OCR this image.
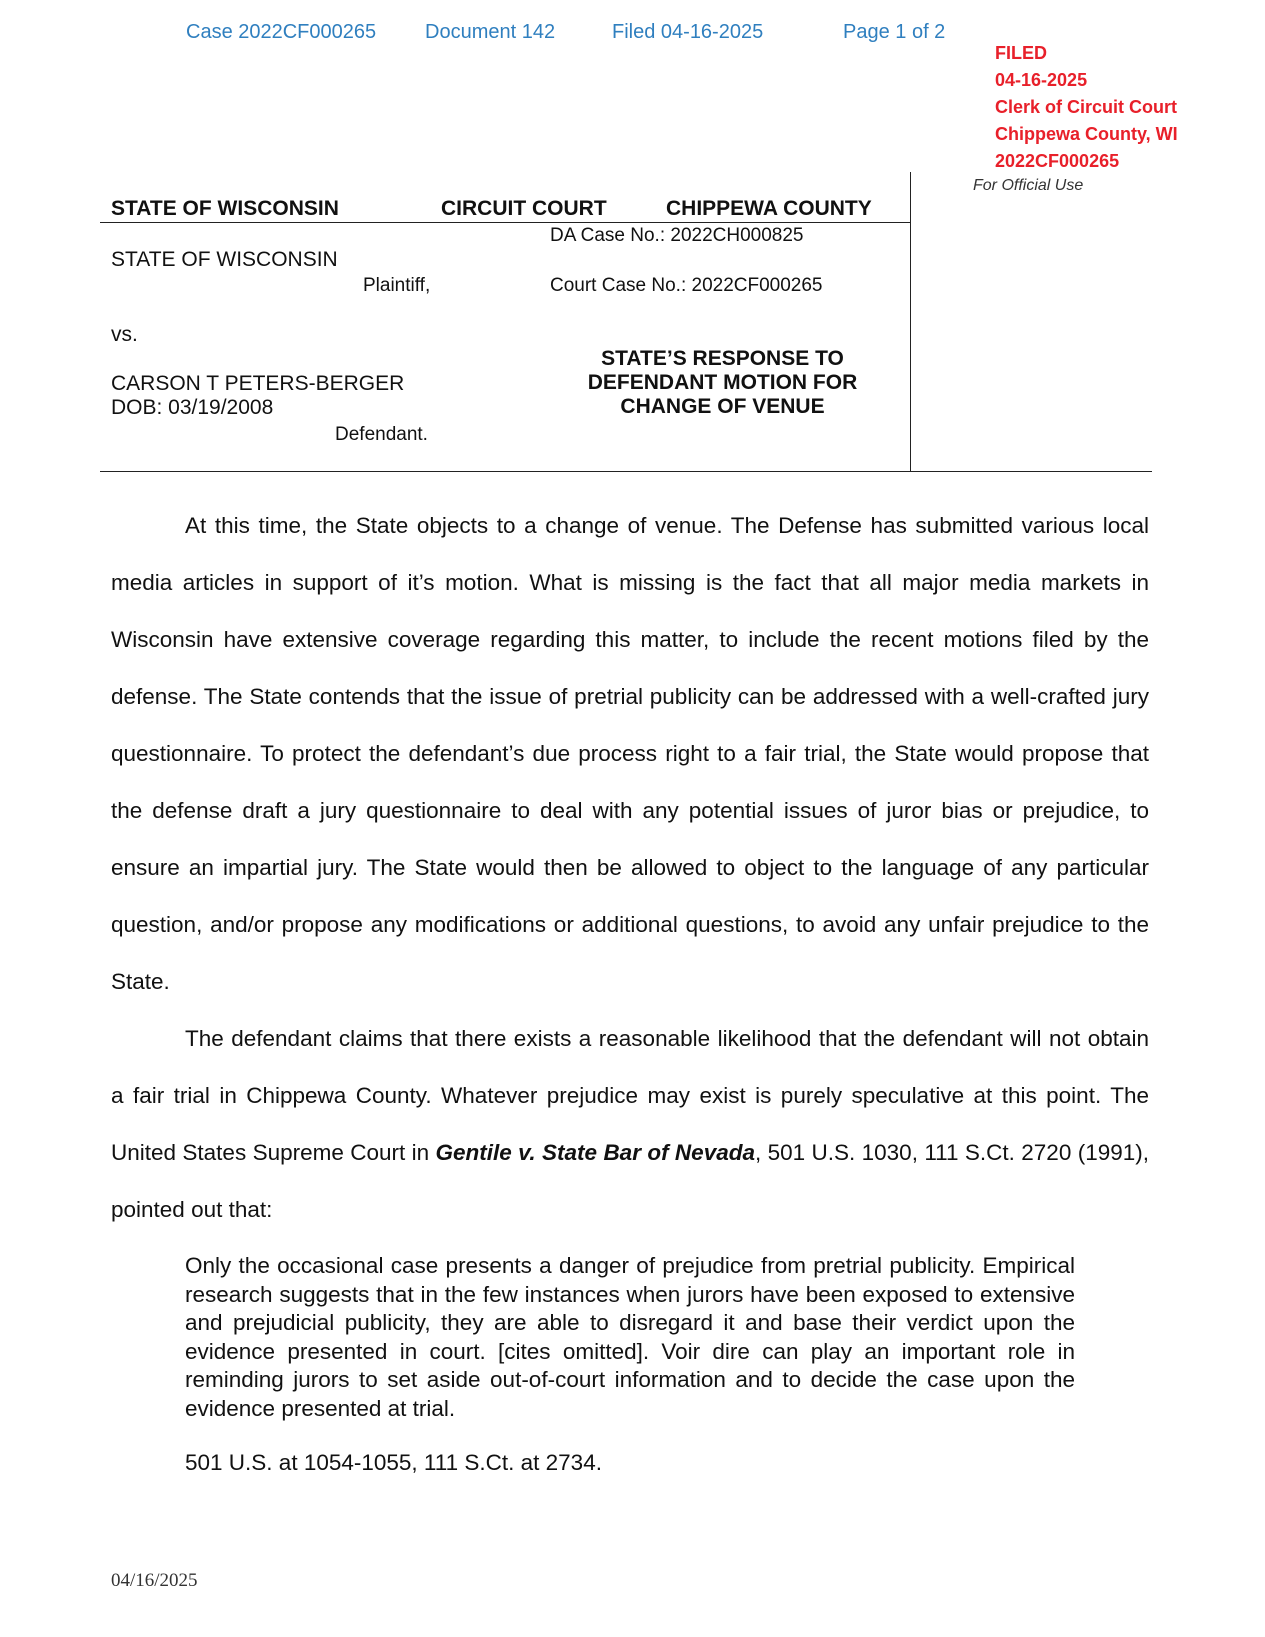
Case 2022CF000265 Document 142	Filed 04-16-2025	Page 1 of 2
FILED
04-16-2025
Clerk of Circuit Court
Chippewa County, WI
2022CF000265
For Official Use
STATE OF WISCONSIN	CIRCUIT COURT	CHIPPEWA COUNTY
STATE OF WISCONSIN
Plaintiff,
vs.
CARSON T PETERS-BERGER
DOB: 03/19/2008
Defendant.
DA Case No.: 2022CH000825
Court Case No.: 2022CF000265
STATE’S RESPONSE TO
DEFENDANT MOTION FOR
CHANGE OF VENUE

At this time, the State objects to a change of venue. The Defense has submitted various local media articles in support of it’s motion. What is missing is the fact that all major media markets in Wisconsin have extensive coverage regarding this matter, to include the recent motions filed by the defense. The State contends that the issue of pretrial publicity can be addressed with a well-crafted jury questionnaire. To protect the defendant’s due process right to a fair trial, the State would propose that the defense draft a jury questionnaire to deal with any potential issues of juror bias or prejudice, to ensure an impartial jury. The State would then be allowed to object to the language of any particular question, and/or propose any modifications or additional questions, to avoid any unfair prejudice to the State.

The defendant claims that there exists a reasonable likelihood that the defendant will not obtain a fair trial in Chippewa County. Whatever prejudice may exist is purely speculative at this point. The United States Supreme Court in Gentile v. State Bar of Nevada, 501 U.S. 1030, 111 S.Ct. 2720 (1991), pointed out that:

Only the occasional case presents a danger of prejudice from pretrial publicity. Empirical research suggests that in the few instances when jurors have been exposed to extensive and prejudicial publicity, they are able to disregard it and base their verdict upon the evidence presented in court. [cites omitted]. Voir dire can play an important role in reminding jurors to set aside out-of-court information and to decide the case upon the evidence presented at trial.
501 U.S. at 1054-1055, 111 S.Ct. at 2734.
04/16/2025
